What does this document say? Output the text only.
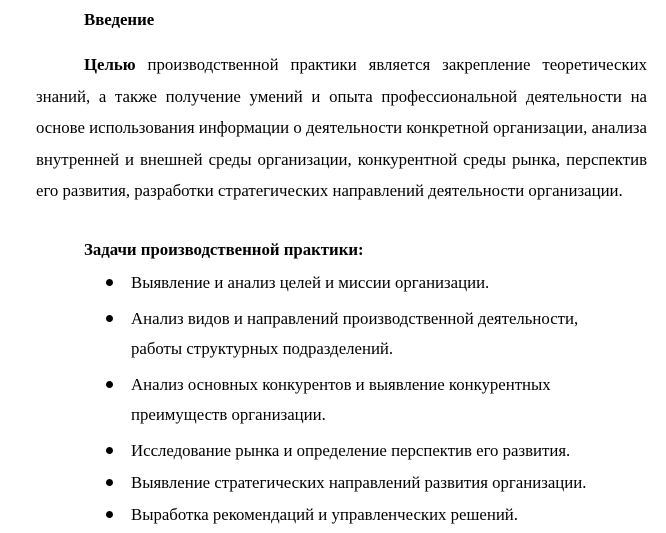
Введение

Целью производственной практики является закрепление теоретических знаний, а также получение умений и опыта профессиональной деятельности на основе использования информации о деятельности конкретной организации, анализа внутренней и внешней среды организации, конкурентной среды рынка, перспектив его развития, разработки стратегических направлений деятельности организации.

Задачи производственной практики:

Выявление и анализ целей и миссии организации.
Анализ видов и направлений производственной деятельности, работы структурных подразделений.
Анализ основных конкурентов и выявление конкурентных преимуществ организации.
Исследование рынка и определение перспектив его развития.
Выявление стратегических направлений развития организации.
Выработка рекомендаций и управленческих решений.
